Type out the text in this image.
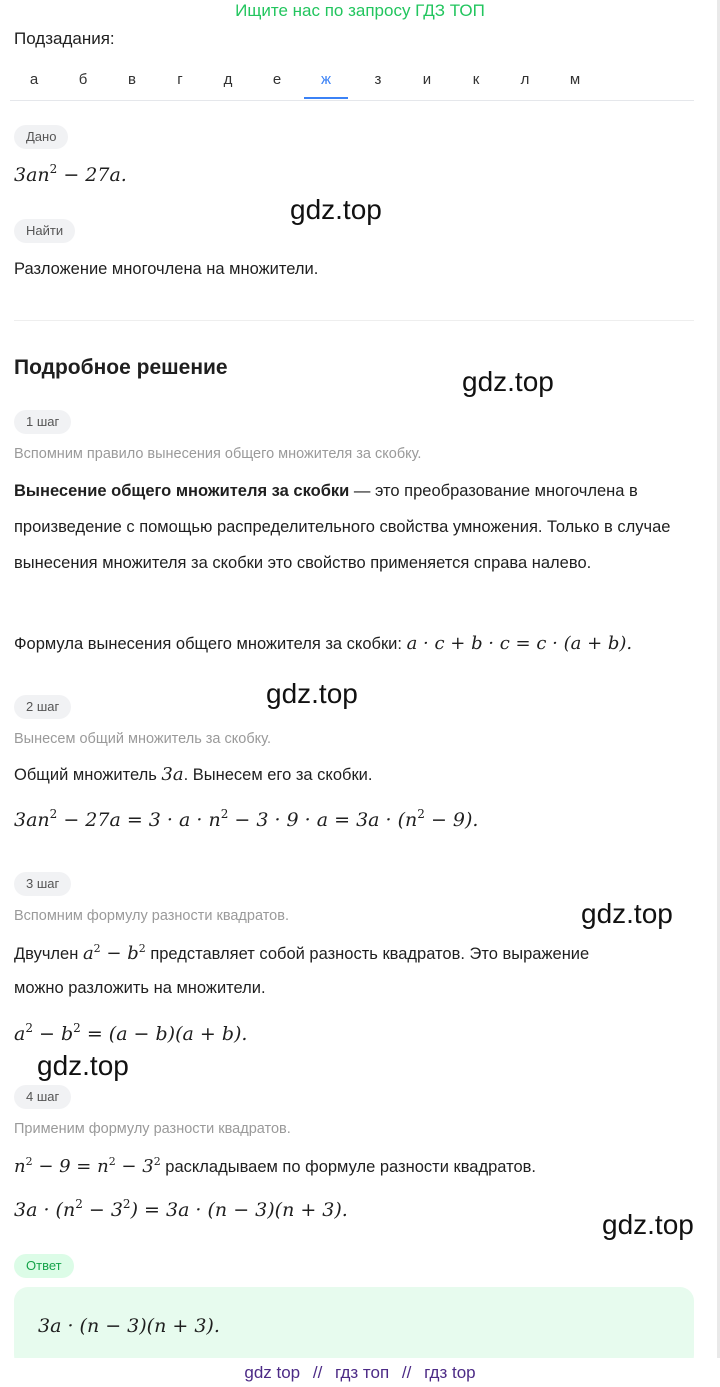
Ищите нас по запросу ГДЗ ТОП
Подзадания:
а	б	в	г	д	е	ж	з	и	к	л	м
Дано
$3an^2 - 27a$.
gdz.top
Найти
Разложение многочлена на множители.
Подробное решение	gdz.top
1 шаг
Вспомним правило вынесения общего множителя за скобку.
Вынесение общего множителя за скобки — это преобразование многочлена в произведение с помощью распределительного свойства умножения. Только в случае вынесения множителя за скобки это свойство применяется справа налево.
Формула вынесения общего множителя за скобки: a · c + b · c = c · (a + b).
gdz.top
2 шаг
Вынесем общий множитель за скобку.
Общий множитель 3a. Вынесем его за скобки.
$3an^2 - 27a = 3 \cdot a \cdot n^2 - 3 \cdot 9 \cdot a = 3a \cdot (n^2 - 9)$.
3 шаг
gdz.top
Вспомним формулу разности квадратов.
Двучлен $a^2 - b^2$ представляет собой разность квадратов. Это выражение
можно разложить на множители.
$a^2 - b^2 = (a - b)(a + b)$.
gdz.top
4 шаг
Применим формулу разности квадратов.
$n^2 - 9 = n^2 - 3^2$ раскладываем по формуле разности квадратов.
$3a \cdot (n^2 - 3^2) = 3a \cdot (n - 3)(n + 3)$.	gdz.top
Ответ
3a · (n − 3)(n + 3).
gdz top // гдз топ // гдз top
